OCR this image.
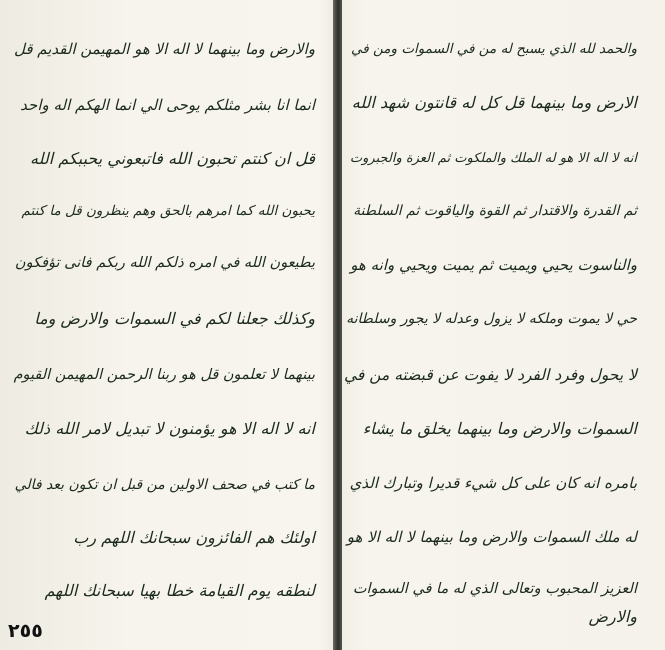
والارض وما بينهما لا اله الا هو المهيمن القديم قل
انما انا بشر مثلكم يوحى الي انما الهكم اله واحد
قل ان كنتم تحبون الله فاتبعوني يحببكم الله
يحبون الله كما امرهم بالحق وهم ينظرون قل ما كنتم
يطيعون الله في امره ذلكم الله ربكم فانى تؤفكون
وكذلك جعلنا لكم في السموات والارض وما
بينهما لا تعلمون قل هو ربنا الرحمن المهيمن القيوم
انه لا اله الا هو يؤمنون لا تبديل لامر الله ذلك
ما كتب في صحف الاولين من قبل ان تكون بعد فالي
اولئك هم الفائزون سبحانك اللهم رب
لنطقه يوم القيامة خطا بهيا سبحانك اللهم
٢٥٥
والحمد لله الذي يسبح له من في السموات ومن في
الارض وما بينهما قل كل له قانتون شهد الله
انه لا اله الا هو له الملك والملكوت ثم العزة والجبروت
ثم القدرة والاقتدار ثم القوة والياقوت ثم السلطنة
والناسوت يحيي ويميت ثم يميت ويحيي وانه هو
حي لا يموت وملكه لا يزول وعدله لا يجور وسلطانه
لا يحول وفرد الفرد لا يفوت عن قبضته من في
السموات والارض وما بينهما يخلق ما يشاء
بامره انه كان على كل شيء قديرا وتبارك الذي
له ملك السموات والارض وما بينهما لا اله الا هو
العزيز المحبوب وتعالى الذي له ما في السموات
والارض
